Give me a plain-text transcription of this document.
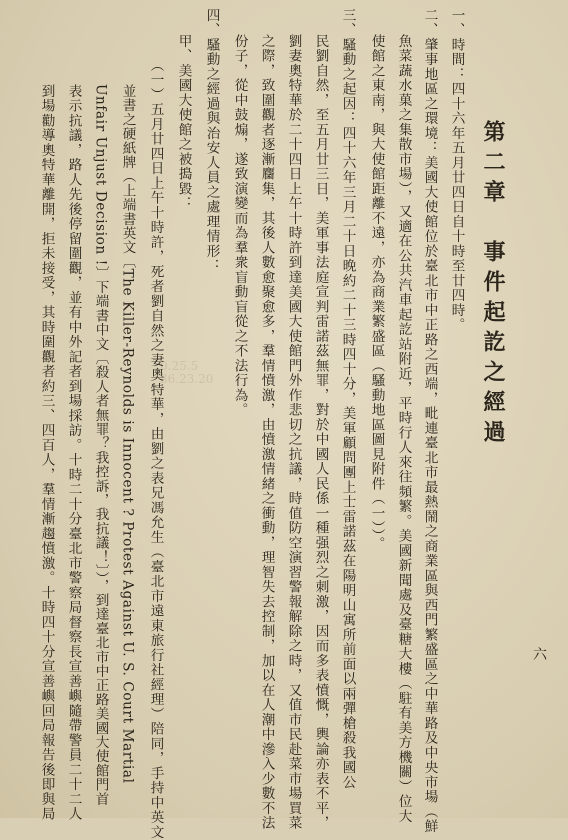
第二章　事件起訖之經過
一、時間：四十六年五月廿四日自十時至廿四時。
二、肇事地區之環境：美國大使館位於臺北市中正路之西端，毗連臺北市最熱鬧之商業區與西門繁盛區之中華路及中央市場（鮮
魚菜蔬水菓之集散市場），又適在公共汽車起訖站附近，平時行人來往頻繁。美國新聞處及臺糖大樓（駐有美方機關）位大
使館之東南，與大使館距離不遠，亦為商業繁盛區（騷動地區圖見附件（一））。
三、騷動之起因：四十六年三月二十日晚約二十三時四十分，美軍顧問團上士雷諾茲在陽明山寓所前面以兩彈槍殺我國公
民劉自然，至五月廿三日，美軍事法庭宣判雷諾茲無罪，對於中國人民係一種强烈之刺激，因而多表憤慨，輿論亦表不平，
劉妻奧特華於二十四日上午十時許到達美國大使館門外作悲切之抗議，時值防空演習警報解除之時，又值市民赴菜市場買菜
之際，致圍觀者逐漸麕集，其後人數愈聚愈多，羣情憤激，由憤激情緒之衝動，理智失去控制，加以在人潮中滲入少數不法
份子，從中鼓煽，遂致演變而為羣衆盲動盲從之不法行為。
四、騷動之經過與治安人員之處理情形：
甲、美國大使館之被搗毀：
（一）五月廿四日上午十時許，死者劉自然之妻奧特華，由劉之表兄馮允生（臺北市遠東旅行社經理）陪同，手持中英文
並書之硬紙牌（上端書英文〔The Killer-Reynolds is Innocent ? Protest Against U. S. Court Martial
Unfair Unjust Decision !〕下端書中文〔殺人者無罪？我控訴，我抗議！〕），到達臺北市中正路美國大使館門首
表示抗議，路人先後停留圍觀，並有中外記者到場採訪。十時二十分臺北市警察局督察長宣善嶼隨帶警員二十二人
到場勸導奧特華離開，拒未接受，其時圍觀者約三、四百人，羣情漸趨憤激。十時四十分宣善嶼回局報告後即與局	0.25.5
36.23.20
六
